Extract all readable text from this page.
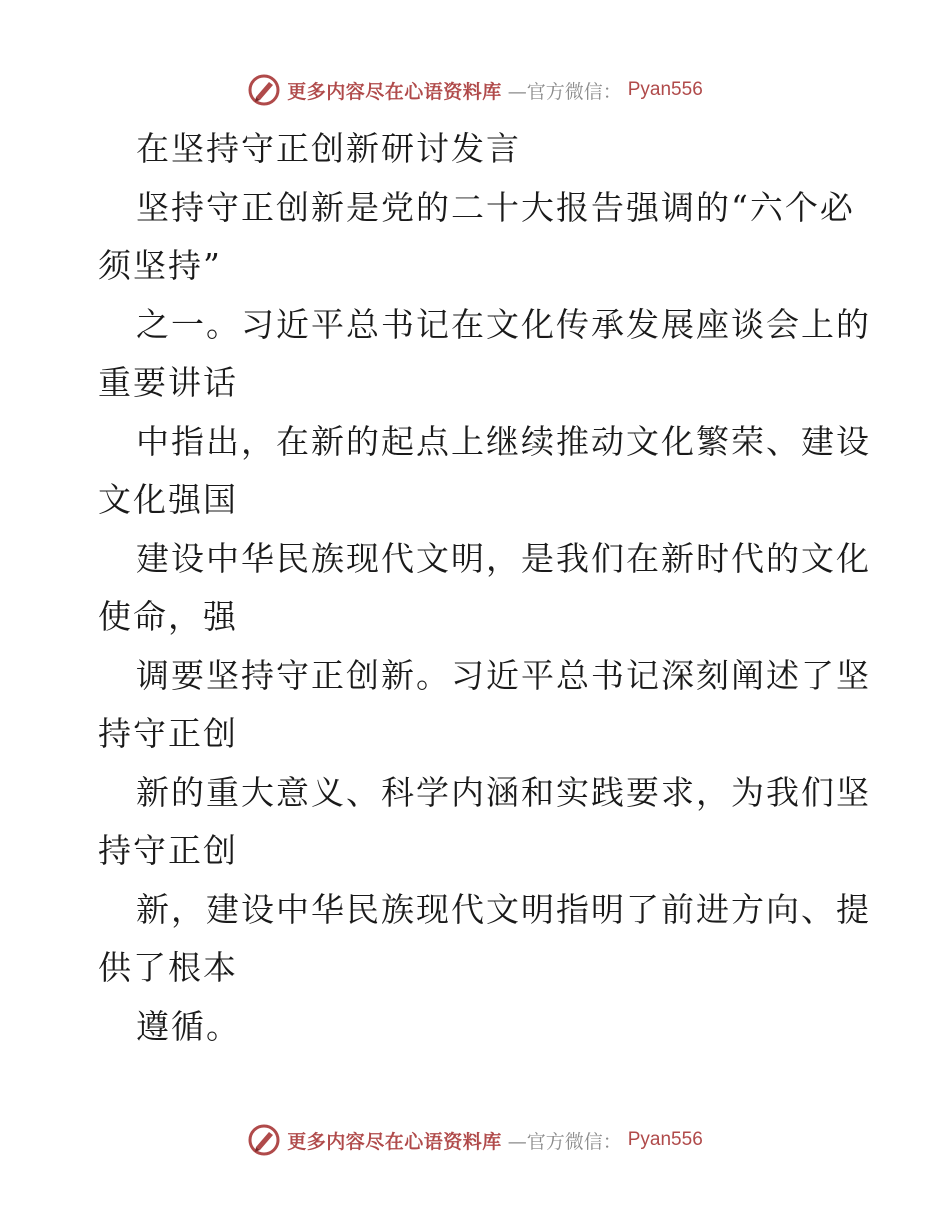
更多内容尽在心语资料库 —官方微信： Pyan556
在坚持守正创新研讨发言
坚持守正创新是党的二十大报告强调的“六个必
须坚持”
之一。习近平总书记在文化传承发展座谈会上的
重要讲话
中指出，在新的起点上继续推动文化繁荣、建设
文化强国
建设中华民族现代文明，是我们在新时代的文化
使命，强
调要坚持守正创新。习近平总书记深刻阐述了坚
持守正创
新的重大意义、科学内涵和实践要求，为我们坚
持守正创
新，建设中华民族现代文明指明了前进方向、提
供了根本
遵循。
更多内容尽在心语资料库 —官方微信： Pyan556
